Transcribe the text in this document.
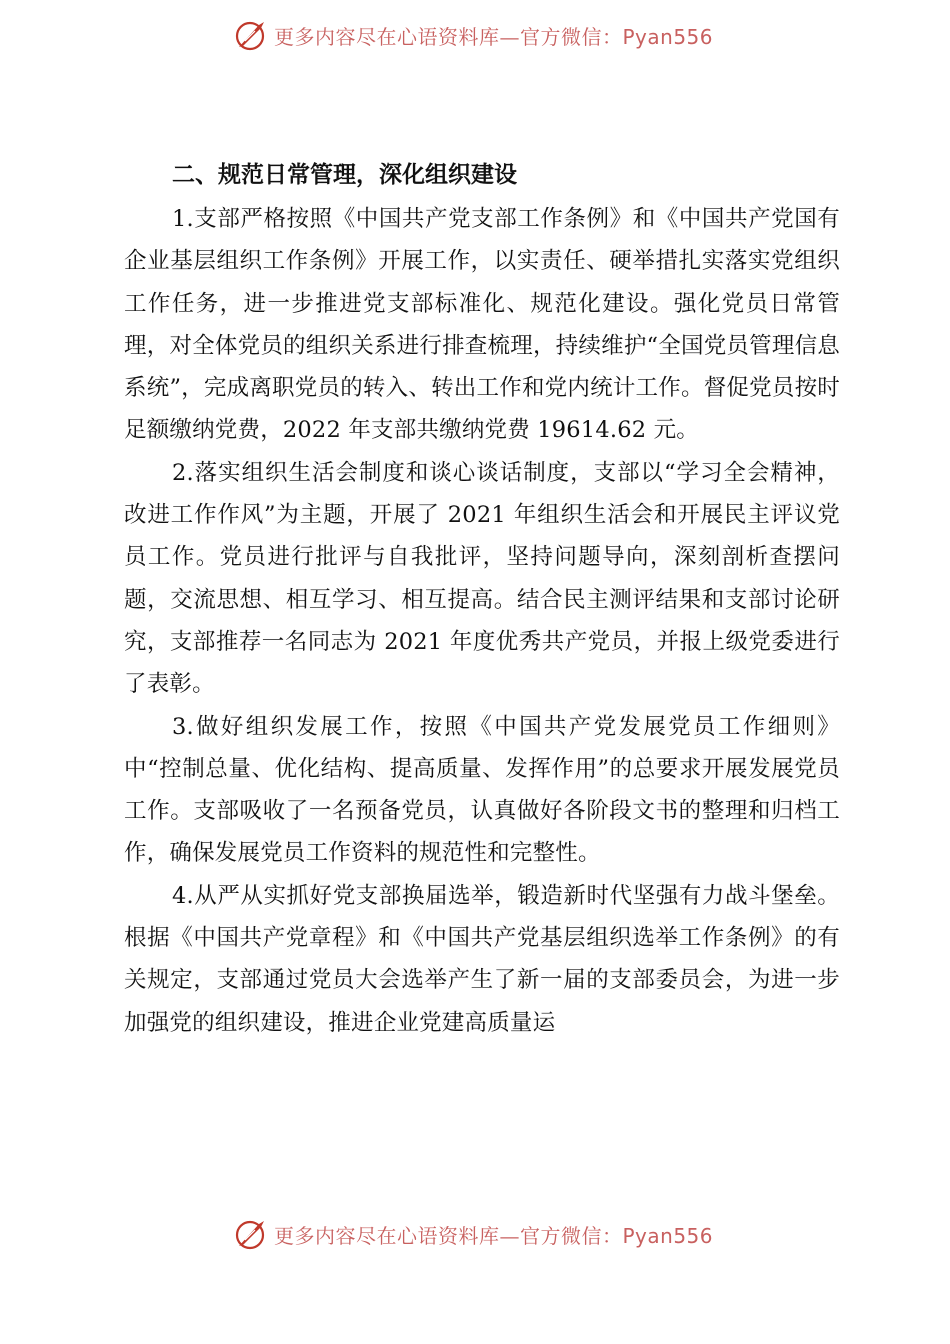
更多内容尽在心语资料库—官方微信：Pyan556
二、规范日常管理，深化组织建设

1.支部严格按照《中国共产党支部工作条例》和《中国共产党国有企业基层组织工作条例》开展工作，以实责任、硬举措扎实落实党组织工作任务，进一步推进党支部标准化、规范化建设。强化党员日常管理，对全体党员的组织关系进行排查梳理，持续维护“全国党员管理信息系统”，完成离职党员的转入、转出工作和党内统计工作。督促党员按时足额缴纳党费，2022 年支部共缴纳党费 19614.62 元。

2.落实组织生活会制度和谈心谈话制度，支部以“学习全会精神，改进工作作风”为主题，开展了 2021 年组织生活会和开展民主评议党员工作。党员进行批评与自我批评，坚持问题导向，深刻剖析查摆问题，交流思想、相互学习、相互提高。结合民主测评结果和支部讨论研究，支部推荐一名同志为 2021 年度优秀共产党员，并报上级党委进行了表彰。

3.做好组织发展工作，按照《中国共产党发展党员工作细则》中“控制总量、优化结构、提高质量、发挥作用”的总要求开展发展党员工作。支部吸收了一名预备党员，认真做好各阶段文书的整理和归档工作，确保发展党员工作资料的规范性和完整性。

4.从严从实抓好党支部换届选举，锻造新时代坚强有力战斗堡垒。根据《中国共产党章程》和《中国共产党基层组织选举工作条例》的有关规定，支部通过党员大会选举产生了新一届的支部委员会，为进一步加强党的组织建设，推进企业党建高质量运

更多内容尽在心语资料库—官方微信：Pyan556
